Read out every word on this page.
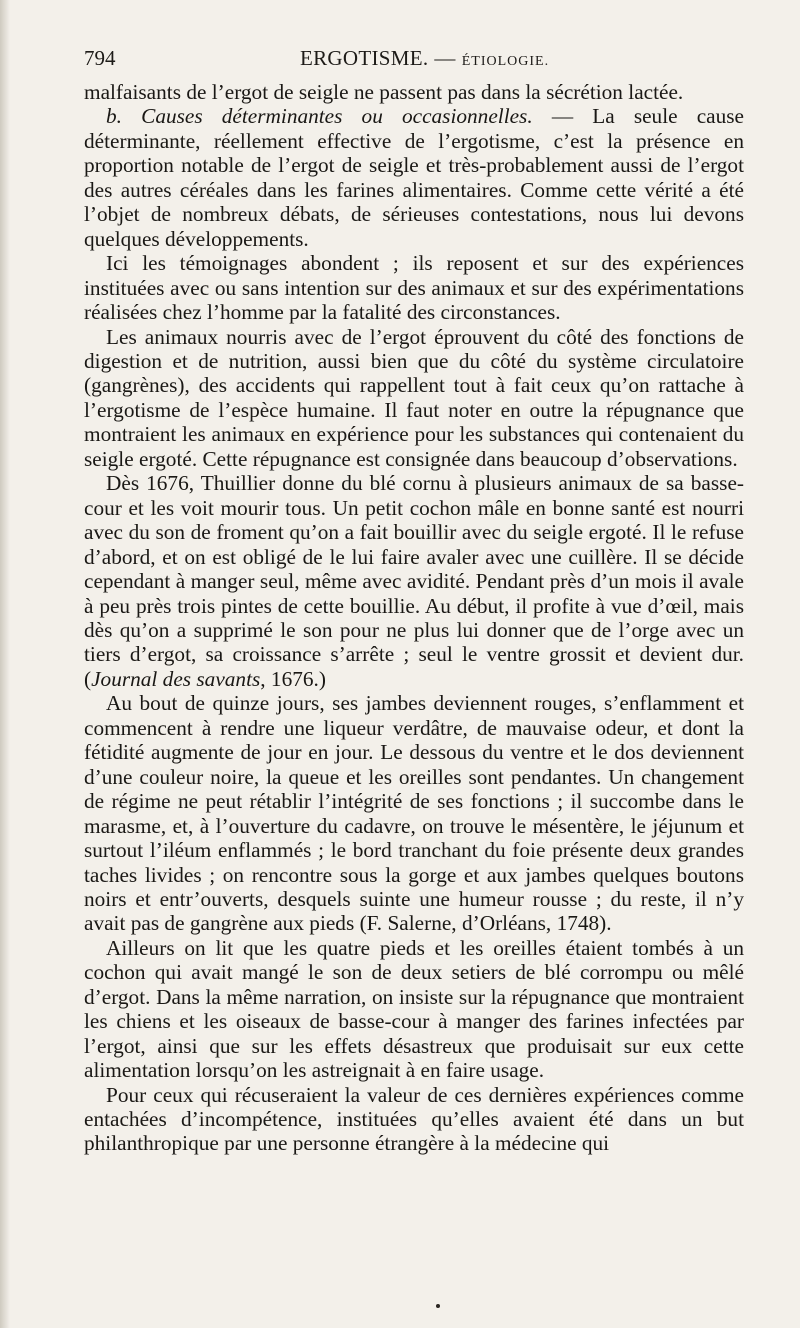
794	ERGOTISME. — ÉTIOLOGIE.

malfaisants de l’ergot de seigle ne passent pas dans la sécrétion lactée.

b. Causes déterminantes ou occasionnelles. — La seule cause déterminante, réellement effective de l’ergotisme, c’est la présence en proportion notable de l’ergot de seigle et très-probablement aussi de l’ergot des autres céréales dans les farines alimentaires. Comme cette vérité a été l’objet de nombreux débats, de sérieuses contestations, nous lui devons quelques développements.

Ici les témoignages abondent ; ils reposent et sur des expériences instituées avec ou sans intention sur des animaux et sur des expérimentations réalisées chez l’homme par la fatalité des circonstances.

Les animaux nourris avec de l’ergot éprouvent du côté des fonctions de digestion et de nutrition, aussi bien que du côté du système circulatoire (gangrènes), des accidents qui rappellent tout à fait ceux qu’on rattache à l’ergotisme de l’espèce humaine. Il faut noter en outre la répugnance que montraient les animaux en expérience pour les substances qui contenaient du seigle ergoté. Cette répugnance est consignée dans beaucoup d’observations.

Dès 1676, Thuillier donne du blé cornu à plusieurs animaux de sa basse-cour et les voit mourir tous. Un petit cochon mâle en bonne santé est nourri avec du son de froment qu’on a fait bouillir avec du seigle ergoté. Il le refuse d’abord, et on est obligé de le lui faire avaler avec une cuillère. Il se décide cependant à manger seul, même avec avidité. Pendant près d’un mois il avale à peu près trois pintes de cette bouillie. Au début, il profite à vue d’œil, mais dès qu’on a supprimé le son pour ne plus lui donner que de l’orge avec un tiers d’ergot, sa croissance s’arrête ; seul le ventre grossit et devient dur. (Journal des savants, 1676.)

Au bout de quinze jours, ses jambes deviennent rouges, s’enflamment et commencent à rendre une liqueur verdâtre, de mauvaise odeur, et dont la fétidité augmente de jour en jour. Le dessous du ventre et le dos deviennent d’une couleur noire, la queue et les oreilles sont pendantes. Un changement de régime ne peut rétablir l’intégrité de ses fonctions ; il succombe dans le marasme, et, à l’ouverture du cadavre, on trouve le mésentère, le jéjunum et surtout l’iléum enflammés ; le bord tranchant du foie présente deux grandes taches livides ; on rencontre sous la gorge et aux jambes quelques boutons noirs et entr’ouverts, desquels suinte une humeur rousse ; du reste, il n’y avait pas de gangrène aux pieds (F. Salerne, d’Orléans, 1748).

Ailleurs on lit que les quatre pieds et les oreilles étaient tombés à un cochon qui avait mangé le son de deux setiers de blé corrompu ou mêlé d’ergot. Dans la même narration, on insiste sur la répugnance que montraient les chiens et les oiseaux de basse-cour à manger des farines infectées par l’ergot, ainsi que sur les effets désastreux que produisait sur eux cette alimentation lorsqu’on les astreignait à en faire usage.

Pour ceux qui récuseraient la valeur de ces dernières expériences comme entachées d’incompétence, instituées qu’elles avaient été dans un but philanthropique par une personne étrangère à la médecine qui
